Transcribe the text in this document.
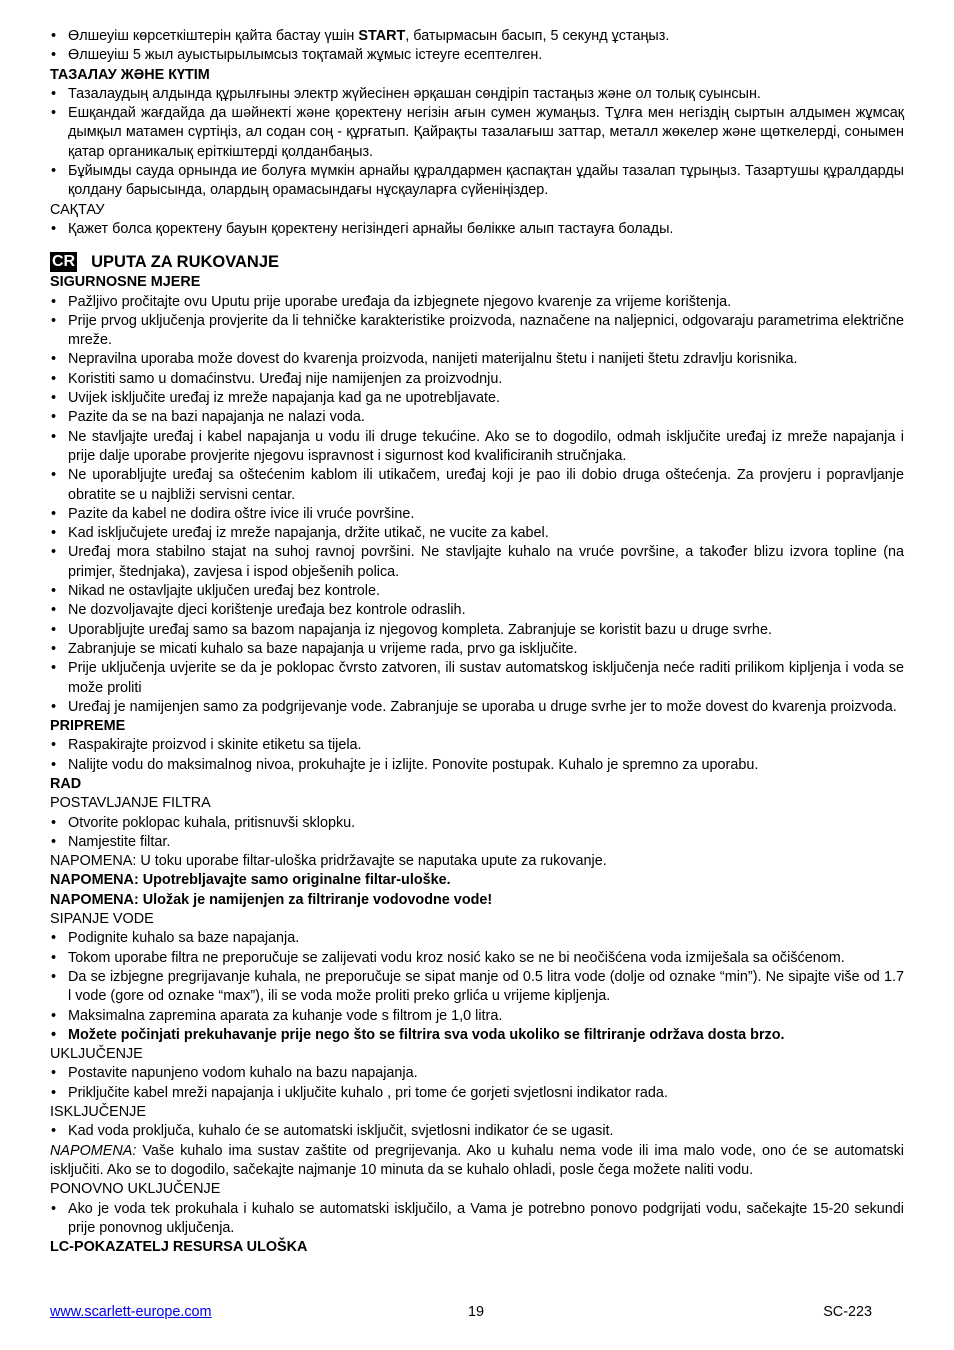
• Өлшеуіш көрсеткіштерін қайта бастау үшін START, батырмасын басып, 5 секунд ұстаңыз.
• Өлшеуіш 5 жыл ауыстырылымсыз тоқтамай жұмыс істеуге есептелген.

ТАЗАЛАУ ЖӘНЕ КҮТІМ

• Тазалаудың алдында құрылғыны электр жүйесінен әрқашан сөндіріп тастаңыз және ол толық суынсын.
• Ешқандай жағдайда да шәйнекті және қоректену негізін ағын сумен жумаңыз. Тұлға мен негіздің сыртын алдымен жұмсақ дымқыл матамен сүртіңіз, ал содан соң - құрғатып. Қайрақты тазалағыш заттар, металл жөкелер және щөткелерді, сонымен қатар органикалық еріткіштерді қолданбаңыз.
• Бұйымды сауда орнында ие болуға мүмкін арнайы құралдармен қаспақтан ұдайы тазалап тұрыңыз. Тазартушы құралдарды қолдану барысында, олардың орамасындағы нұсқауларға сүйеніңіздер.

САҚТАУ

• Қажет болса қоректену бауын қоректену негізіндегі арнайы бөлікке алып тастауға болады.
CR UPUTA ZA RUKOVANJE

SIGURNOSNE MJERE

• Pažljivo pročitajte ovu Uputu prije uporabe uređaja da izbjegnete njegovo kvarenje za vrijeme korištenja.
• Prije prvog uključenja provjerite da li tehničke karakteristike proizvoda, naznačene na naljepnici, odgovaraju parametrima električne mreže.
• Nepravilna uporaba može dovest do kvarenja proizvoda, nanijeti materijalnu štetu i nanijeti štetu zdravlju korisnika.
• Koristiti samo u domaćinstvu. Uređaj nije namijenjen za proizvodnju.
• Uvijek isključite uređaj iz mreže napajanja kad ga ne upotrebljavate.
• Pazite da se na bazi napajanja ne nalazi voda.
• Ne stavljajte uređaj i kabel napajanja u vodu ili druge tekućine. Ako se to dogodilo, odmah isključite uređaj iz mreže napajanja i prije dalje uporabe provjerite njegovu ispravnost i sigurnost kod kvalificiranih stručnjaka.
• Ne uporabljujte uređaj sa oštećenim kablom ili utikačem, uređaj koji je pao ili dobio druga oštećenja. Za provjeru i popravljanje obratite se u najbliži servisni centar.
• Pazite da kabel ne dodira oštre ivice ili vruće površine.
• Kad isključujete uređaj iz mreže napajanja, držite utikač, ne vucite za kabel.
• Uređaj mora stabilno stajat na suhoj ravnoj površini. Ne stavljajte kuhalo na vruće površine, a također blizu izvora topline (na primjer, štednjaka), zavjesa i ispod obješenih polica.
• Nikad ne ostavljajte uključen uređaj bez kontrole.
• Ne dozvoljavajte djeci korištenje uređaja bez kontrole odraslih.
• Uporabljujte uređaj samo sa bazom napajanja iz njegovog kompleta. Zabranjuje se koristit bazu u druge svrhe.
• Zabranjuje se micati kuhalo sa baze napajanja u vrijeme rada, prvo ga isključite.
• Prije uključenja uvjerite se da je poklopac čvrsto zatvoren, ili sustav automatskog isključenja neće raditi prilikom kipljenja i voda se može proliti
• Uređaj je namijenjen samo za podgrijevanje vode. Zabranjuje se uporaba u druge svrhe jer to može dovest do kvarenja proizvoda.

PRIPREME

• Raspakirajte proizvod i skinite etiketu sa tijela.
• Nalijte vodu do maksimalnog nivoa, prokuhajte je i izlijte. Ponovite postupak. Kuhalo je spremno za uporabu.

RAD

POSTAVLJANJE FILTRA

• Otvorite poklopac kuhala, pritisnuvši sklopku.
• Namjestite filtar.

NAPOMENA: U toku uporabe filtar-uloška pridržavajte se naputaka upute za rukovanje.

NAPOMENA: Upotrebljavajte samo originalne filtar-uloške.

NAPOMENA: Uložak je namijenjen za filtriranje vodovodne vode!

SIPANJE VODE

• Podignite kuhalo sa baze napajanja.
• Tokom uporabe filtra ne preporučuje se zalijevati vodu kroz nosić kako se ne bi neočišćena voda izmiješala sa očišćenom.
• Da se izbjegne pregrijavanje kuhala, ne preporučuje se sipat manje od 0.5 litra vode (dolje od oznake “min”). Ne sipajte više od 1.7 l vode (gore od oznake “max”), ili se voda može proliti preko grlića u vrijeme kipljenja.
• Maksimalna zapremina aparata za kuhanje vode s filtrom je 1,0 litra.
• Možete počinjati prekuhavanje prije nego što se filtrira sva voda ukoliko se filtriranje održava dosta brzo.

UKLJUČENJE

• Postavite napunjeno vodom kuhalo na bazu napajanja.
• Priključite kabel mreži napajanja i uključite kuhalo , pri tome će gorjeti svjetlosni indikator rada.

ISKLJUČENJE

• Kad voda proključa, kuhalo će se automatski isključit, svjetlosni indikator će se ugasit.

NAPOMENA: Vaše kuhalo ima sustav zaštite od pregrijevanja. Ako u kuhalu nema vode ili ima malo vode, ono će se automatski isključiti. Ako se to dogodilo, sačekajte najmanje 10 minuta da se kuhalo ohladi, posle čega možete naliti vodu.

PONOVNO UKLJUČENJE

• Ako je voda tek prokuhala i kuhalo se automatski isključilo, a Vama je potrebno ponovo podgrijati vodu, sačekajte 15-20 sekundi prije ponovnog uključenja.

LC-POKAZATELJ RESURSA ULOŠKA

www.scarlett-europe.com	19	SC-223
